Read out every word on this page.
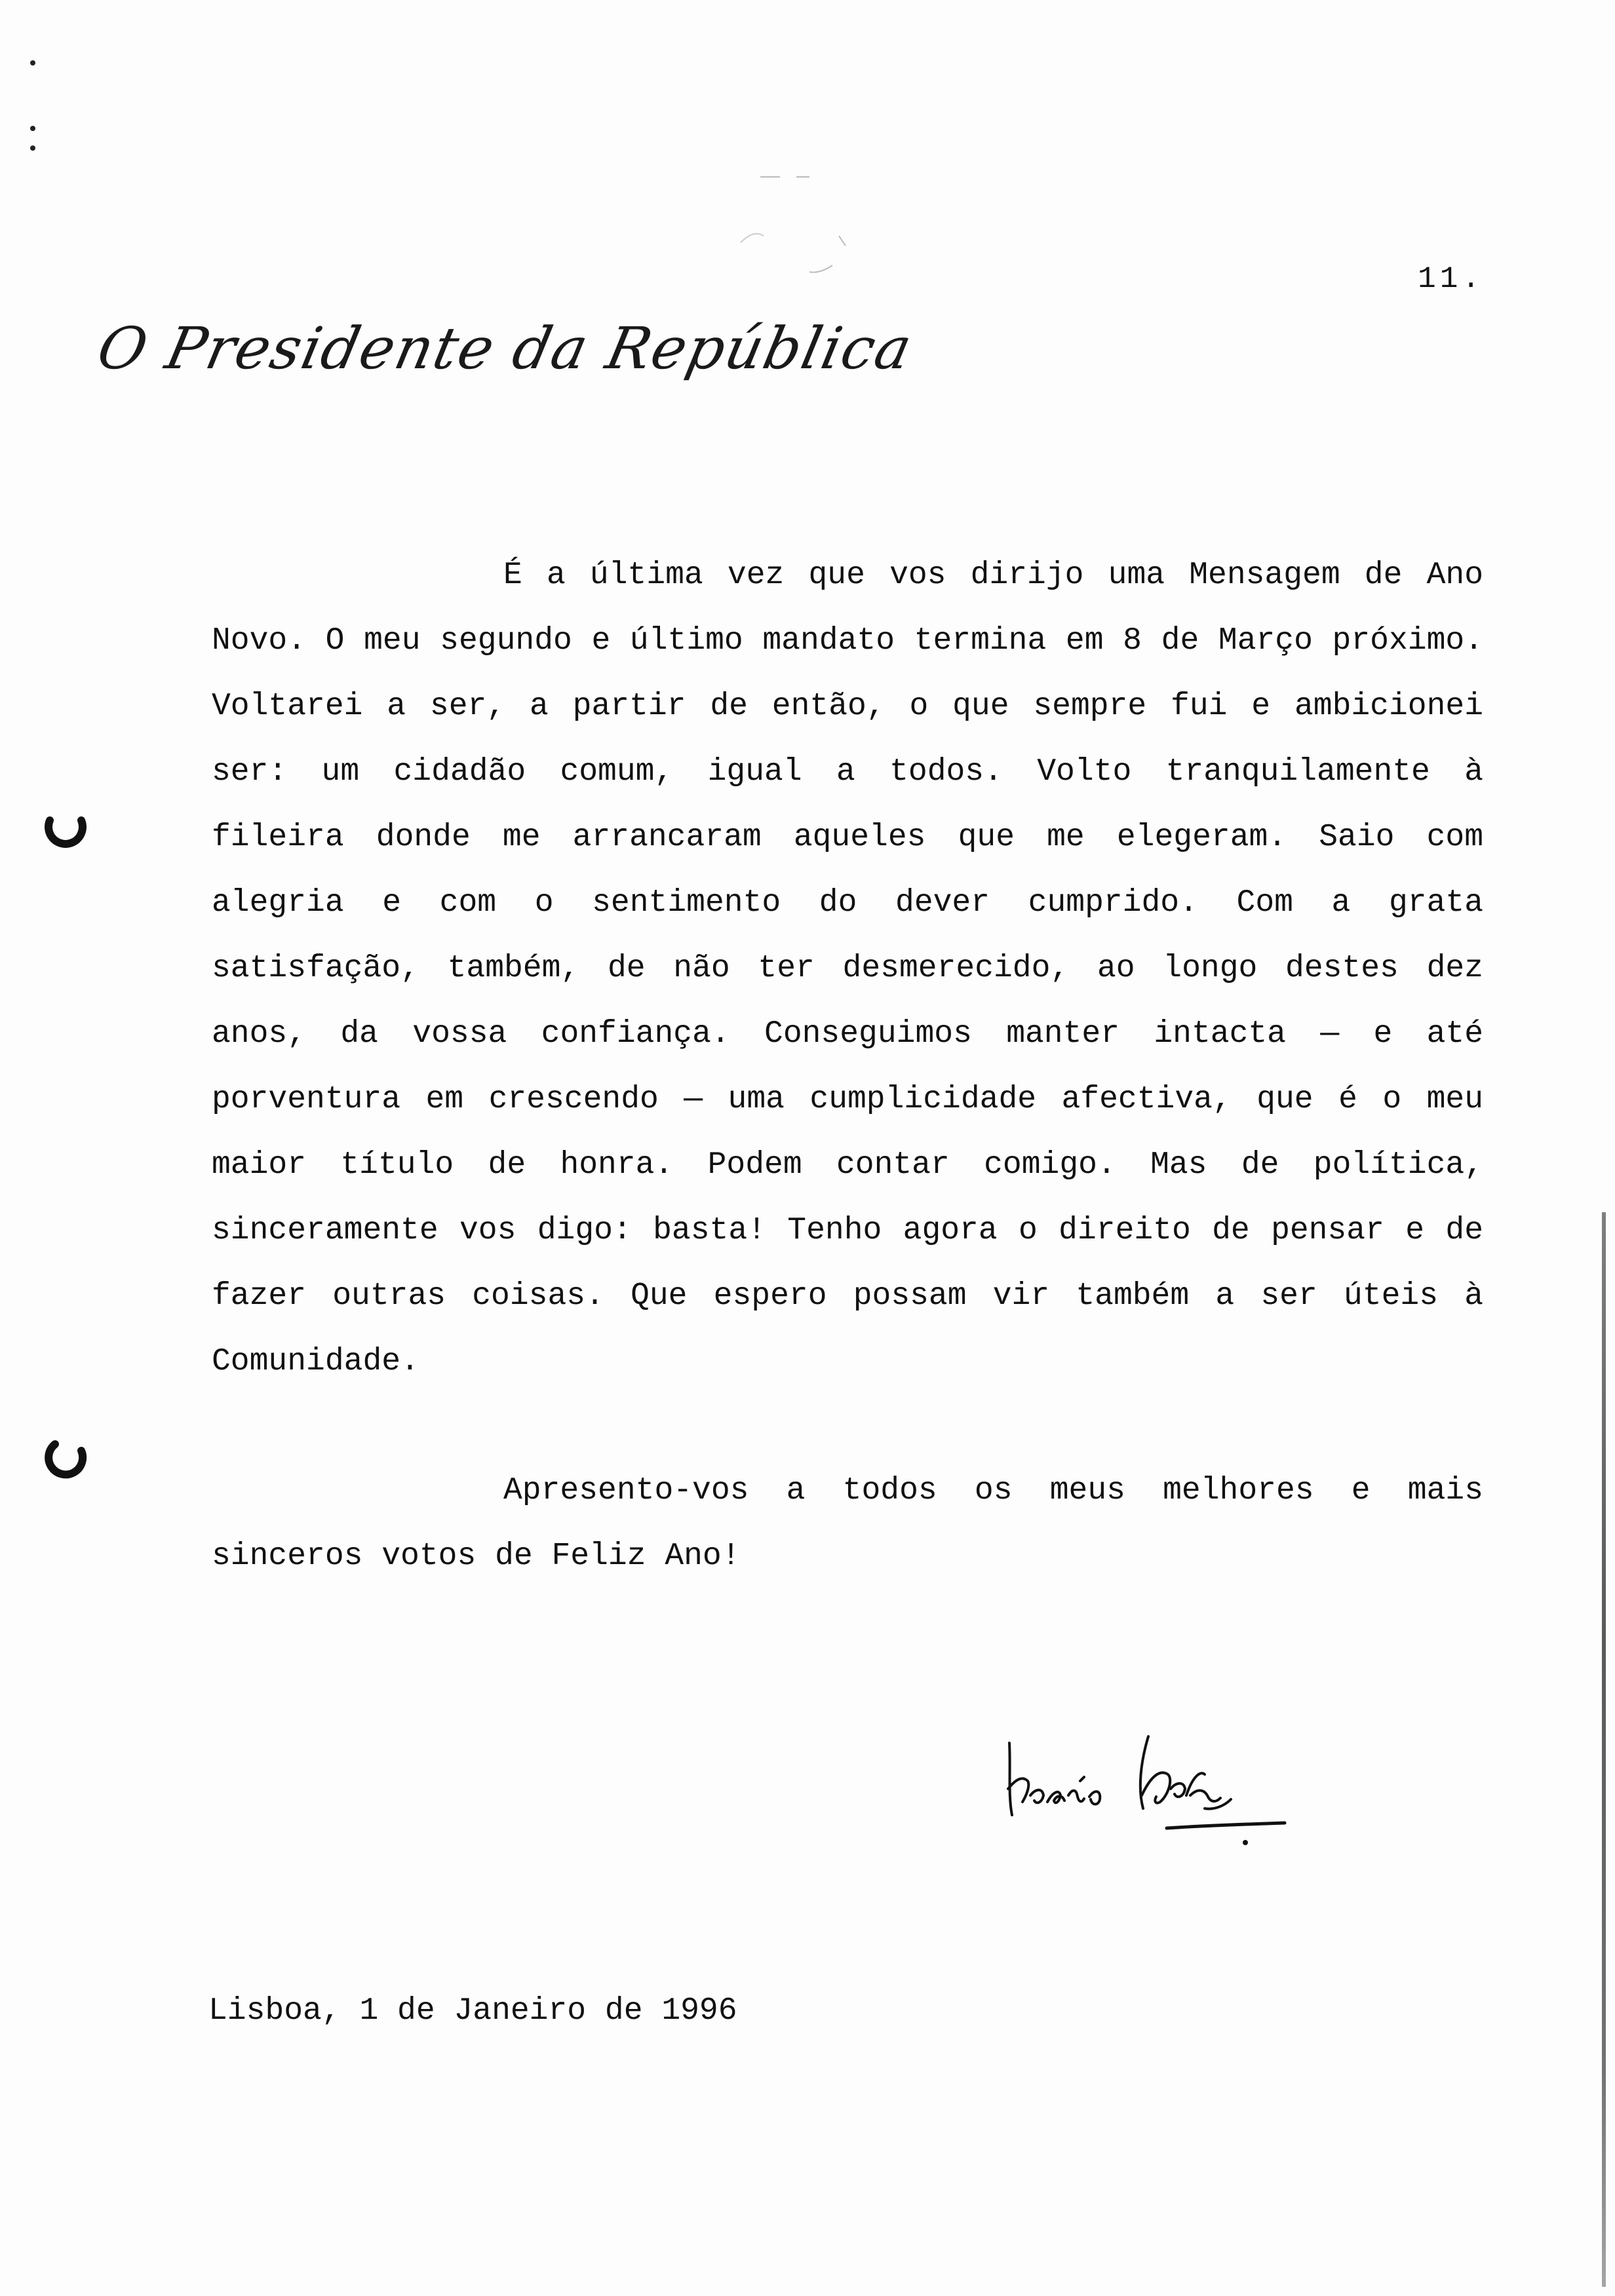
11.
O Presidente da República

É a última vez que vos dirijo uma Mensagem de Ano Novo. O meu segundo e último mandato termina em 8 de Março próximo. Voltarei a ser, a partir de então, o que sempre fui e ambicionei ser: um cidadão comum, igual a todos. Volto tranquilamente à fileira donde me arrancaram aqueles que me elegeram. Saio com alegria e com o sentimento do dever cumprido. Com a grata satisfação, também, de não ter desmerecido, ao longo destes dez anos, da vossa confiança. Conseguimos manter intacta — e até porventura em crescendo — uma cumplicidade afectiva, que é o meu maior título de honra. Podem contar comigo. Mas de política, sinceramente vos digo: basta! Tenho agora o direito de pensar e de fazer outras coisas. Que espero possam vir também a ser úteis à Comunidade.

Apresento-vos a todos os meus melhores e mais sinceros votos de Feliz Ano!

Lisboa, 1 de Janeiro de 1996
